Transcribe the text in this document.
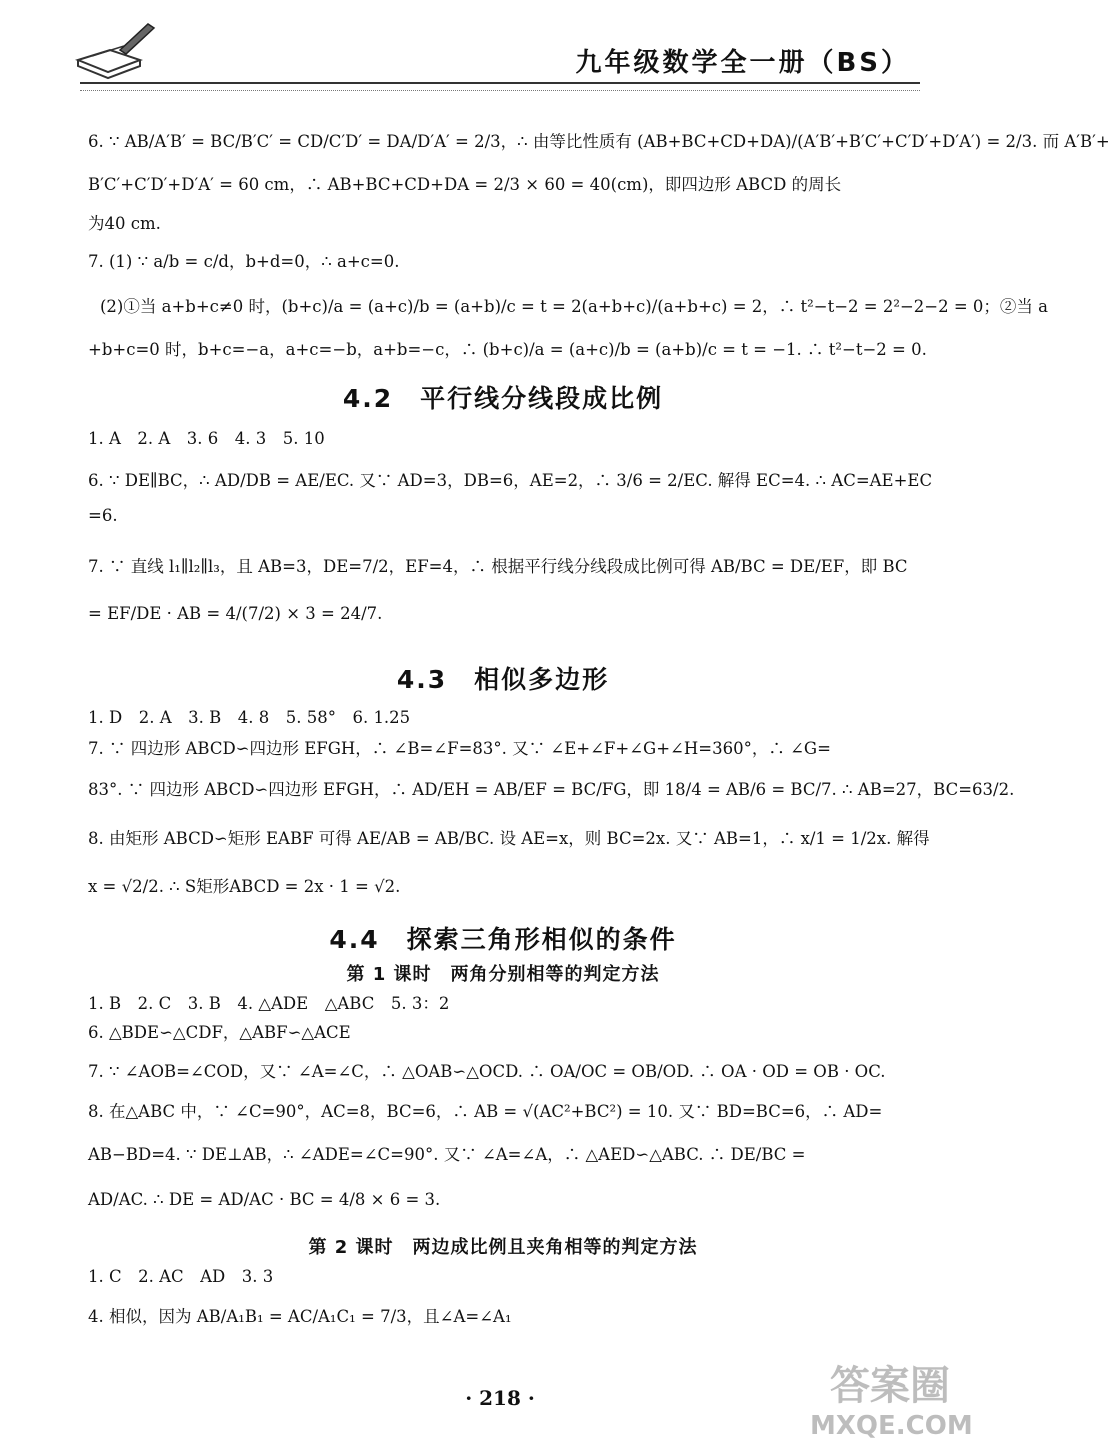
九年级数学全一册（BS）

6. ∵ AB/A′B′ = BC/B′C′ = CD/C′D′ = DA/D′A′ = 2/3，∴ 由等比性质有 (AB+BC+CD+DA)/(A′B′+B′C′+C′D′+D′A′) = 2/3. 而 A′B′+

B′C′+C′D′+D′A′ = 60 cm，∴ AB+BC+CD+DA = 2/3 × 60 = 40(cm)，即四边形 ABCD 的周长

为40 cm.

7. (1) ∵ a/b = c/d，b+d=0，∴ a+c=0.

(2)①当 a+b+c≠0 时，(b+c)/a = (a+c)/b = (a+b)/c = t = 2(a+b+c)/(a+b+c) = 2，∴ t²−t−2 = 2²−2−2 = 0；②当 a

+b+c=0 时，b+c=−a，a+c=−b，a+b=−c，∴ (b+c)/a = (a+c)/b = (a+b)/c = t = −1. ∴ t²−t−2 = 0.

4.2　平行线分线段成比例

1. A　2. A　3. 6　4. 3　5. 10

6. ∵ DE∥BC，∴ AD/DB = AE/EC. 又∵ AD=3，DB=6，AE=2，∴ 3/6 = 2/EC. 解得 EC=4. ∴ AC=AE+EC

=6.

7. ∵ 直线 l₁∥l₂∥l₃，且 AB=3，DE=7/2，EF=4，∴ 根据平行线分线段成比例可得 AB/BC = DE/EF，即 BC

= EF/DE · AB = 4/(7/2) × 3 = 24/7.

4.3　相似多边形

1. D　2. A　3. B　4. 8　5. 58°　6. 1.25

7. ∵ 四边形 ABCD∽四边形 EFGH，∴ ∠B=∠F=83°. 又∵ ∠E+∠F+∠G+∠H=360°，∴ ∠G=

83°. ∵ 四边形 ABCD∽四边形 EFGH，∴ AD/EH = AB/EF = BC/FG，即 18/4 = AB/6 = BC/7. ∴ AB=27，BC=63/2.

8. 由矩形 ABCD∽矩形 EABF 可得 AE/AB = AB/BC. 设 AE=x，则 BC=2x. 又∵ AB=1，∴ x/1 = 1/2x. 解得

x = √2/2. ∴ S矩形ABCD = 2x · 1 = √2.

4.4　探索三角形相似的条件

第 1 课时　两角分别相等的判定方法

1. B　2. C　3. B　4. △ADE　△ABC　5. 3：2

6. △BDE∽△CDF，△ABF∽△ACE

7. ∵ ∠AOB=∠COD，又∵ ∠A=∠C，∴ △OAB∽△OCD. ∴ OA/OC = OB/OD. ∴ OA · OD = OB · OC.

8. 在△ABC 中，∵ ∠C=90°，AC=8，BC=6，∴ AB = √(AC²+BC²) = 10. 又∵ BD=BC=6，∴ AD=

AB−BD=4. ∵ DE⊥AB，∴ ∠ADE=∠C=90°. 又∵ ∠A=∠A，∴ △AED∽△ABC. ∴ DE/BC =

AD/AC. ∴ DE = AD/AC · BC = 4/8 × 6 = 3.

第 2 课时　两边成比例且夹角相等的判定方法

1. C　2. AC　AD　3. 3

4. 相似，因为 AB/A₁B₁ = AC/A₁C₁ = 7/3，且∠A=∠A₁

· 218 ·	答案圈
MXQE.COM
